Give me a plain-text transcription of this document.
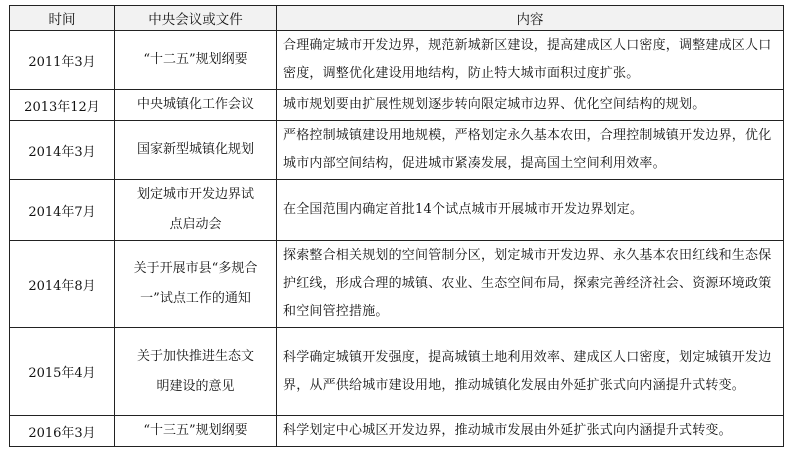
时间	中央会议或文件	内容
2011年3月	“十二五”规划纲要	合理确定城市开发边界，规范新城新区建设，提高建成区人口密度，调整建成区人口密度，调整优化建设用地结构，防止特大城市面积过度扩张。
2013年12月	中央城镇化工作会议	城市规划要由扩展性规划逐步转向限定城市边界、优化空间结构的规划。
2014年3月	国家新型城镇化规划	严格控制城镇建设用地规模，严格划定永久基本农田，合理控制城镇开发边界，优化城市内部空间结构，促进城市紧凑发展，提高国土空间利用效率。
2014年7月	划定城市开发边界试点启动会	在全国范围内确定首批14个试点城市开展城市开发边界划定。
2014年8月	关于开展市县“多规合一”试点工作的通知	探索整合相关规划的空间管制分区，划定城市开发边界、永久基本农田红线和生态保护红线，形成合理的城镇、农业、生态空间布局，探索完善经济社会、资源环境政策和空间管控措施。
2015年4月	关于加快推进生态文明建设的意见	科学确定城镇开发强度，提高城镇土地利用效率、建成区人口密度，划定城镇开发边界，从严供给城市建设用地，推动城镇化发展由外延扩张式向内涵提升式转变。
2016年3月	“十三五”规划纲要	科学划定中心城区开发边界，推动城市发展由外延扩张式向内涵提升式转变。
